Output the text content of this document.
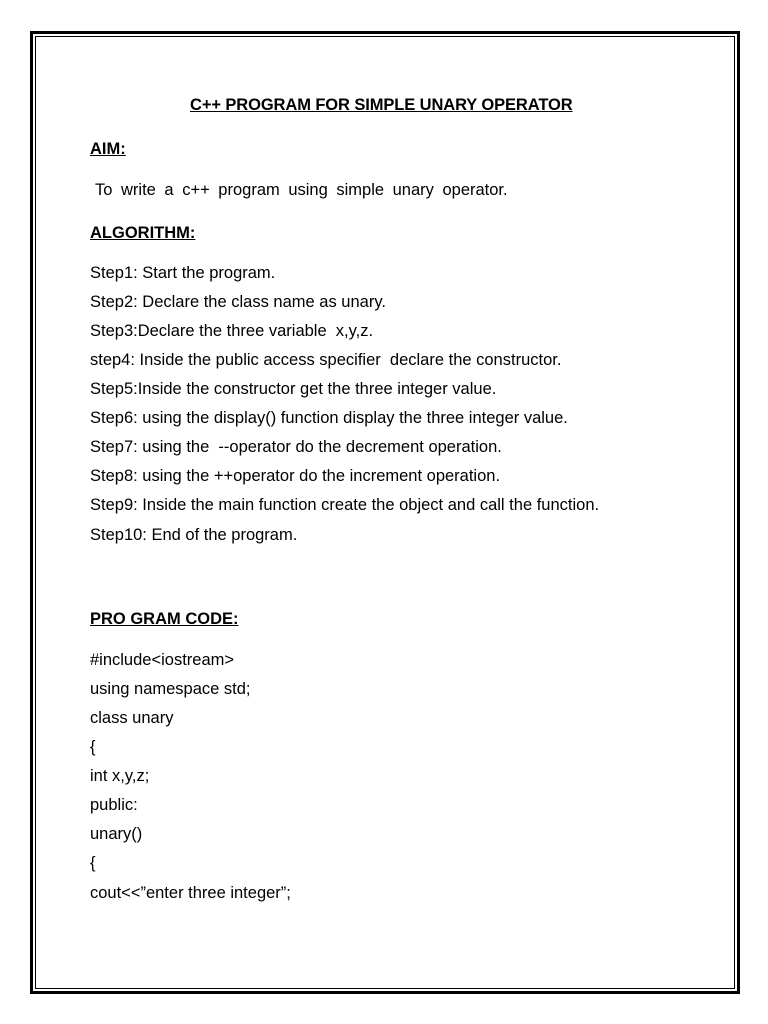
C++ PROGRAM FOR SIMPLE UNARY OPERATOR
AIM:
To write a c++ program using simple unary operator.
ALGORITHM:
Step1: Start the program.
Step2: Declare the class name as unary.
Step3:Declare the three variable  x,y,z.
step4: Inside the public access specifier  declare the constructor.
Step5:Inside the constructor get the three integer value.
Step6: using the display() function display the three integer value.
Step7: using the  --operator do the decrement operation.
Step8: using the ++operator do the increment operation.
Step9: Inside the main function create the object and call the function.
Step10: End of the program.
PRO GRAM CODE:
#include<iostream>
using namespace std;
class unary
{
int x,y,z;
public:
unary()
{
cout<<”enter three integer”;
